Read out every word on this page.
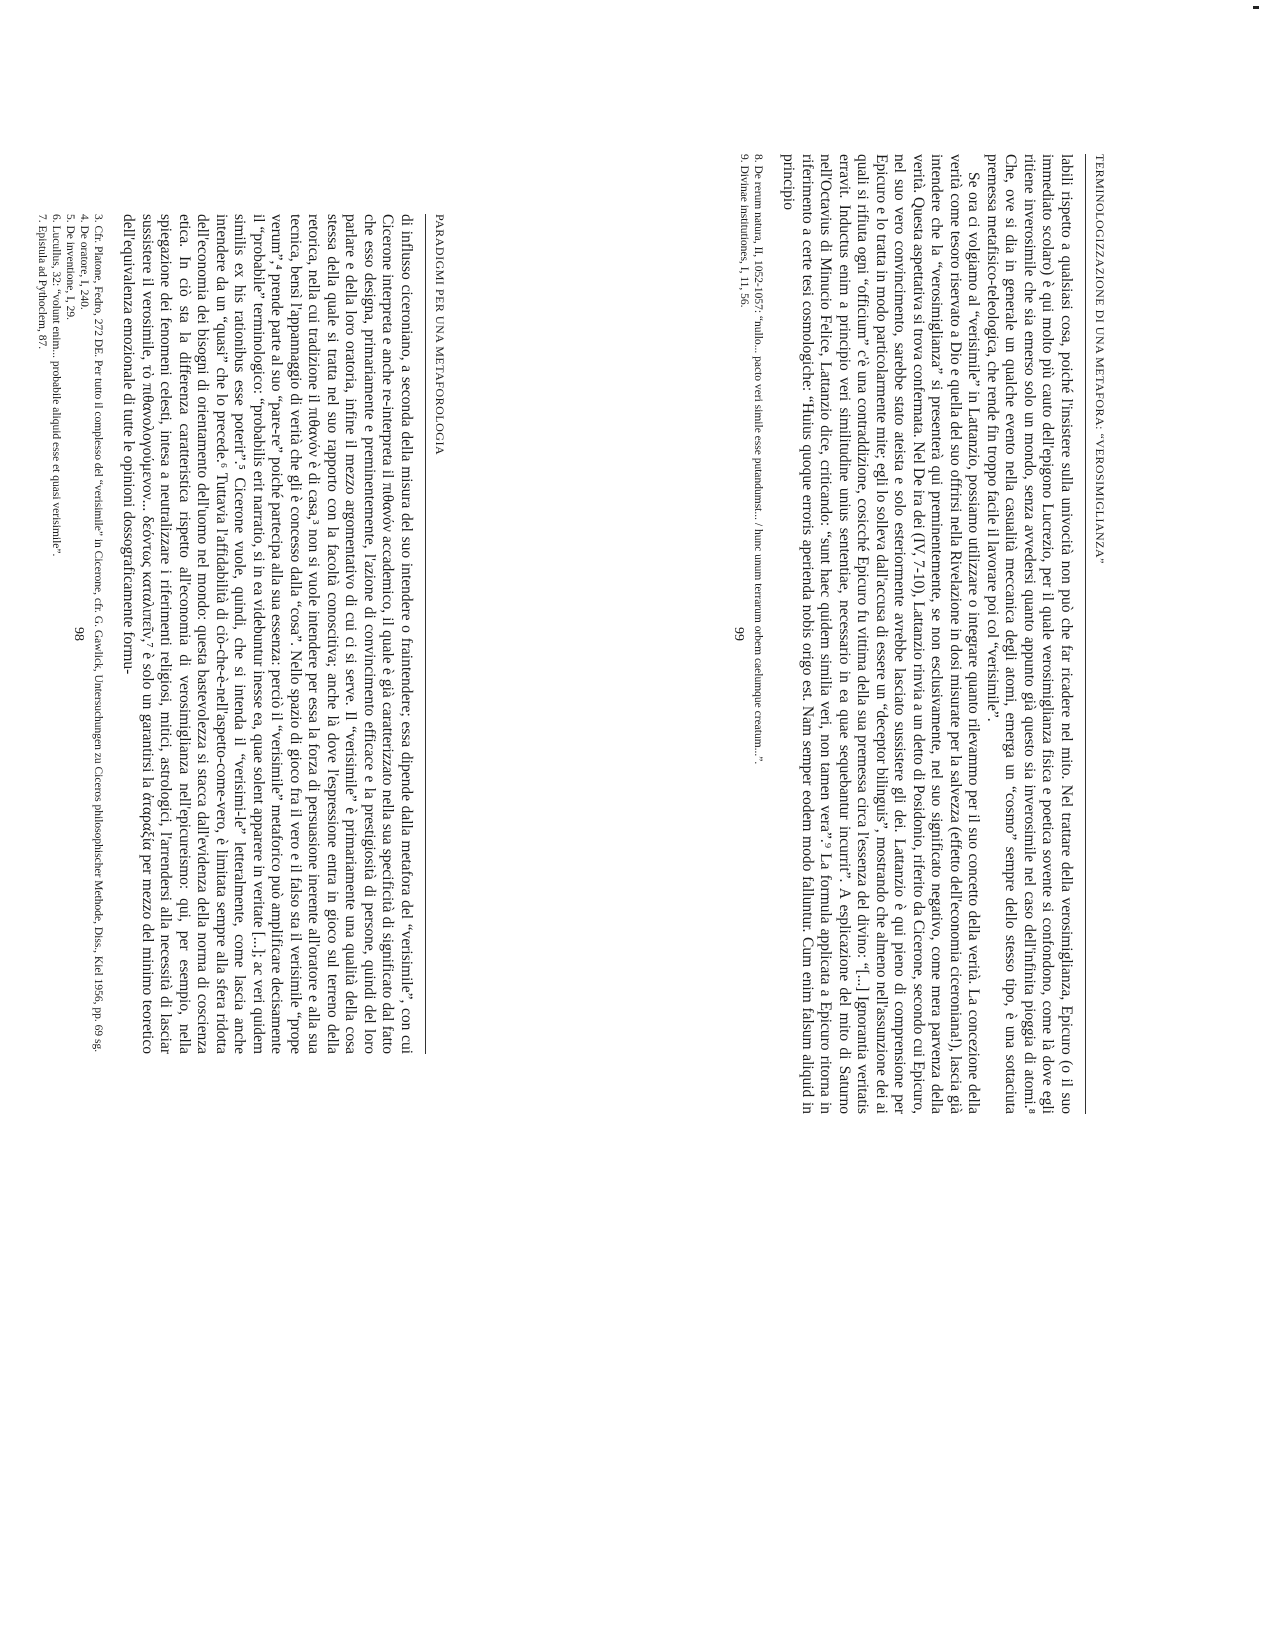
PARADIGMI PER UNA METAFOROLOGIA

di influsso ciceroniano, a seconda della misura del suo intendere o fraintendere; essa dipende dalla metafora del “verisimile”, con cui Cicerone interpreta e anche re-interpreta il πιθανόν accademico, il quale è già caratterizzato nella sua specificità di significato dal fatto che esso designa, primariamente e preminentemente, l'azione di convincimento efficace e la prestigiosità di persone, quindi del loro parlare e della loro oratoria, infine il mezzo argomentativo di cui ci si serve. Il “verisimile” è primariamente una qualità della cosa stessa della quale si tratta nel suo rapporto con la facoltà conoscitiva; anche là dove l'espressione entra in gioco sul terreno della retorica, nella cui tradizione il πιθανόν è di casa,³ non si vuole intendere per essa la forza di persuasione inerente all'oratore e alla sua tecnica, bensì l'appannaggio di verità che gli è concesso dalla “cosa”. Nello spazio di gioco fra il vero e il falso sta il verisimile “prope verum”,⁴ prende parte al suo “pare-re” poiché partecipa alla sua essenza: perciò il “verisimile” metaforico può amplificare decisamente il “probabile” terminologico: “probabilis erit narratio, si in ea videbuntur inesse ea, quae solent apparere in veritate [...]; ac veri quidem similis ex his rationibus esse poterit”.⁵ Cicerone vuole, quindi, che si intenda il “verisimi-le” letteralmente, come lascia anche intendere da un “quasi” che lo precede.⁶ Tuttavia l'affidabilità di ciò-che-è-nell'aspetto-come-vero, è limitata sempre alla sfera ridotta dell'economia dei bisogni di orientamento dell'uomo nel mondo: questa bastevolezza si stacca dall'evidenza della norma di coscienza etica. In ciò sta la differenza caratteristica rispetto all'economia di verosimiglianza nell'epicureismo: qui, per esempio, nella spiegazione dei fenomeni celesti, intesa a neutralizzare i riferimenti religiosi, mitici, astrologici, l'arrendersi alla necessità di lasciar sussistere il verosimile, τὸ πιθανολογούμενον... δεόντως καταλιπεῖν,⁷ è solo un garantirsi la ἀταραξία per mezzo del minimo teoretico dell'equivalenza emozionale di tutte le opinioni dossograficamente formu-

3. Cfr. Platone, Fedro, 272 DE. Per tutto il complesso del “verisimile” in Cicerone, cfr. G. Gawlick, Untersuchungen zu Ciceros philosophischer Methode, Diss., Kiel 1956, pp. 69 sg.
4. De oratore, I, 240.
5. De inventione, I, 29.
6. Lucullus, 32: “volunt enim... probabile aliquid esse et quasi verisimile”.
7. Epistula ad Pythoclem, 87.
98
TERMINOLOGIZZAZIONE DI UNA METAFORA: “VEROSIMIGLIANZA”

labili rispetto a qualsiasi cosa, poiché l'insistere sulla univocità non può che far ricadere nel mito. Nel trattare della verosimiglianza, Epicuro (o il suo immediato scolaro) è qui molto più cauto dell'epigono Lucrezio, per il quale verosimiglianza fisica e poetica sovente si confondono, come là dove egli ritiene inverosimile che sia emerso solo un mondo, senza avvedersi quanto appunto già questo sia inverosimile nel caso dell'infinita pioggia di atomi.⁸ Che, ove si dia in generale un qualche evento nella casualità meccanica degli atomi, emerga un “cosmo” sempre dello stesso tipo, è una sottaciuta premessa metafisico-teleologica, che rende fin troppo facile il lavorare poi col “verisimile”.

Se ora ci volgiamo al “verisimile” in Lattanzio, possiamo utilizzare o integrare quanto rilevammo per il suo concetto della verità. La concezione della verità come tesoro riservato a Dio e quella del suo offrirsi nella Rivelazione in dosi misurate per la salvezza (effetto dell'economia ciceroniana!), lascia già intendere che la “verosimiglianza” si presenterà qui preminentemente, se non esclusivamente, nel suo significato negativo, come mera parvenza della verità. Questa aspettativa si trova confermata. Nel De ira dei (IV, 7-10), Lattanzio rinvia a un detto di Posidonio, riferito da Cicerone, secondo cui Epicuro, nel suo vero convincimento, sarebbe stato ateista e solo esteriormente avrebbe lasciato sussistere gli dei. Lattanzio è qui pieno di comprensione per Epicuro e lo tratta in modo particolarmente mite; egli lo solleva dall'accusa di essere un “deceptor bilinguis”, mostrando che almeno nell'assunzione dei ai quali si rifiuta ogni “officium” c'è una contraddizione, cosicché Epicuro fu vittima della sua premessa circa l'essenza del divino: “[...] Ignorantia veritatis erravit. Inductus enim a principio veri similitudine unius sententiae, necessario in ea quae sequebantur incurrit”. A esplicazione del mito di Saturno nell'Octavius di Minucio Felice, Lattanzio dice, criticando: “sunt haec quidem similia veri, non tamen vera”.⁹ La formula applicata a Epicuro ritorna in riferimento a certe tesi cosmologiche: “Huius quoque erroris aperienda nobis origo est. Nam semper eodem modo falluntur. Cum enim falsum aliquid in principio

8. De rerum natura, II, 1052-1057: “nullo... pacto veri simile esse putandumst... / hunc unum terrarum orbem caelumque creatum...”.
9. Divinae institutiones, I, 11, 56.
99
